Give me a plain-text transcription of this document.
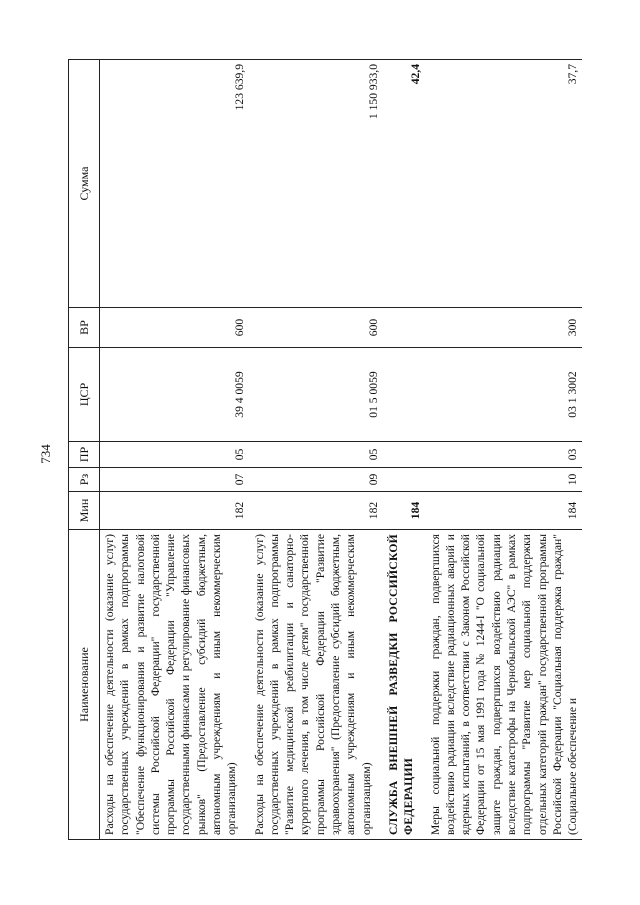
734
Наименование	Мин	Рз	ПР	ЦСР	ВР	Сумма
Расходы на обеспечение деятельности (оказание услуг) государственных учреждений в рамках подпрограммы "Обеспечение функционирования и развитие налоговой системы Российской Федерации" государственной программы Российской Федерации "Управление государственными финансами и регулирование финансовых рынков" (Предоставление субсидий бюджетным, автономным учреждениям и иным некоммерческим организациям)	182	07	05	39 4 0059	600	123 639,9
Расходы на обеспечение деятельности (оказание услуг) государственных учреждений в рамках подпрограммы "Развитие медицинской реабилитации и санаторно-курортного лечения, в том числе детям" государственной программы Российской Федерации "Развитие здравоохранения" (Предоставление субсидий бюджетным, автономным учреждениям и иным некоммерческим организациям)	182	09	05	01 5 0059	600	1 150 933,0
СЛУЖБА ВНЕШНЕЙ РАЗВЕДКИ РОССИЙСКОЙ ФЕДЕРАЦИИ	184					42,4
Меры социальной поддержки граждан, подвергшихся воздействию радиации вследствие радиационных аварий и ядерных испытаний, в соответствии с Законом Российской Федерации от 15 мая 1991 года № 1244-I "О социальной защите граждан, подвергшихся воздействию радиации вследствие катастрофы на Чернобыльской АЭС" в рамках подпрограммы "Развитие мер социальной поддержки отдельных категорий граждан" государственной программы Российской Федерации "Социальная поддержка граждан" (Социальное обеспечение и	184	10	03	03 1 3002	300	37,7
